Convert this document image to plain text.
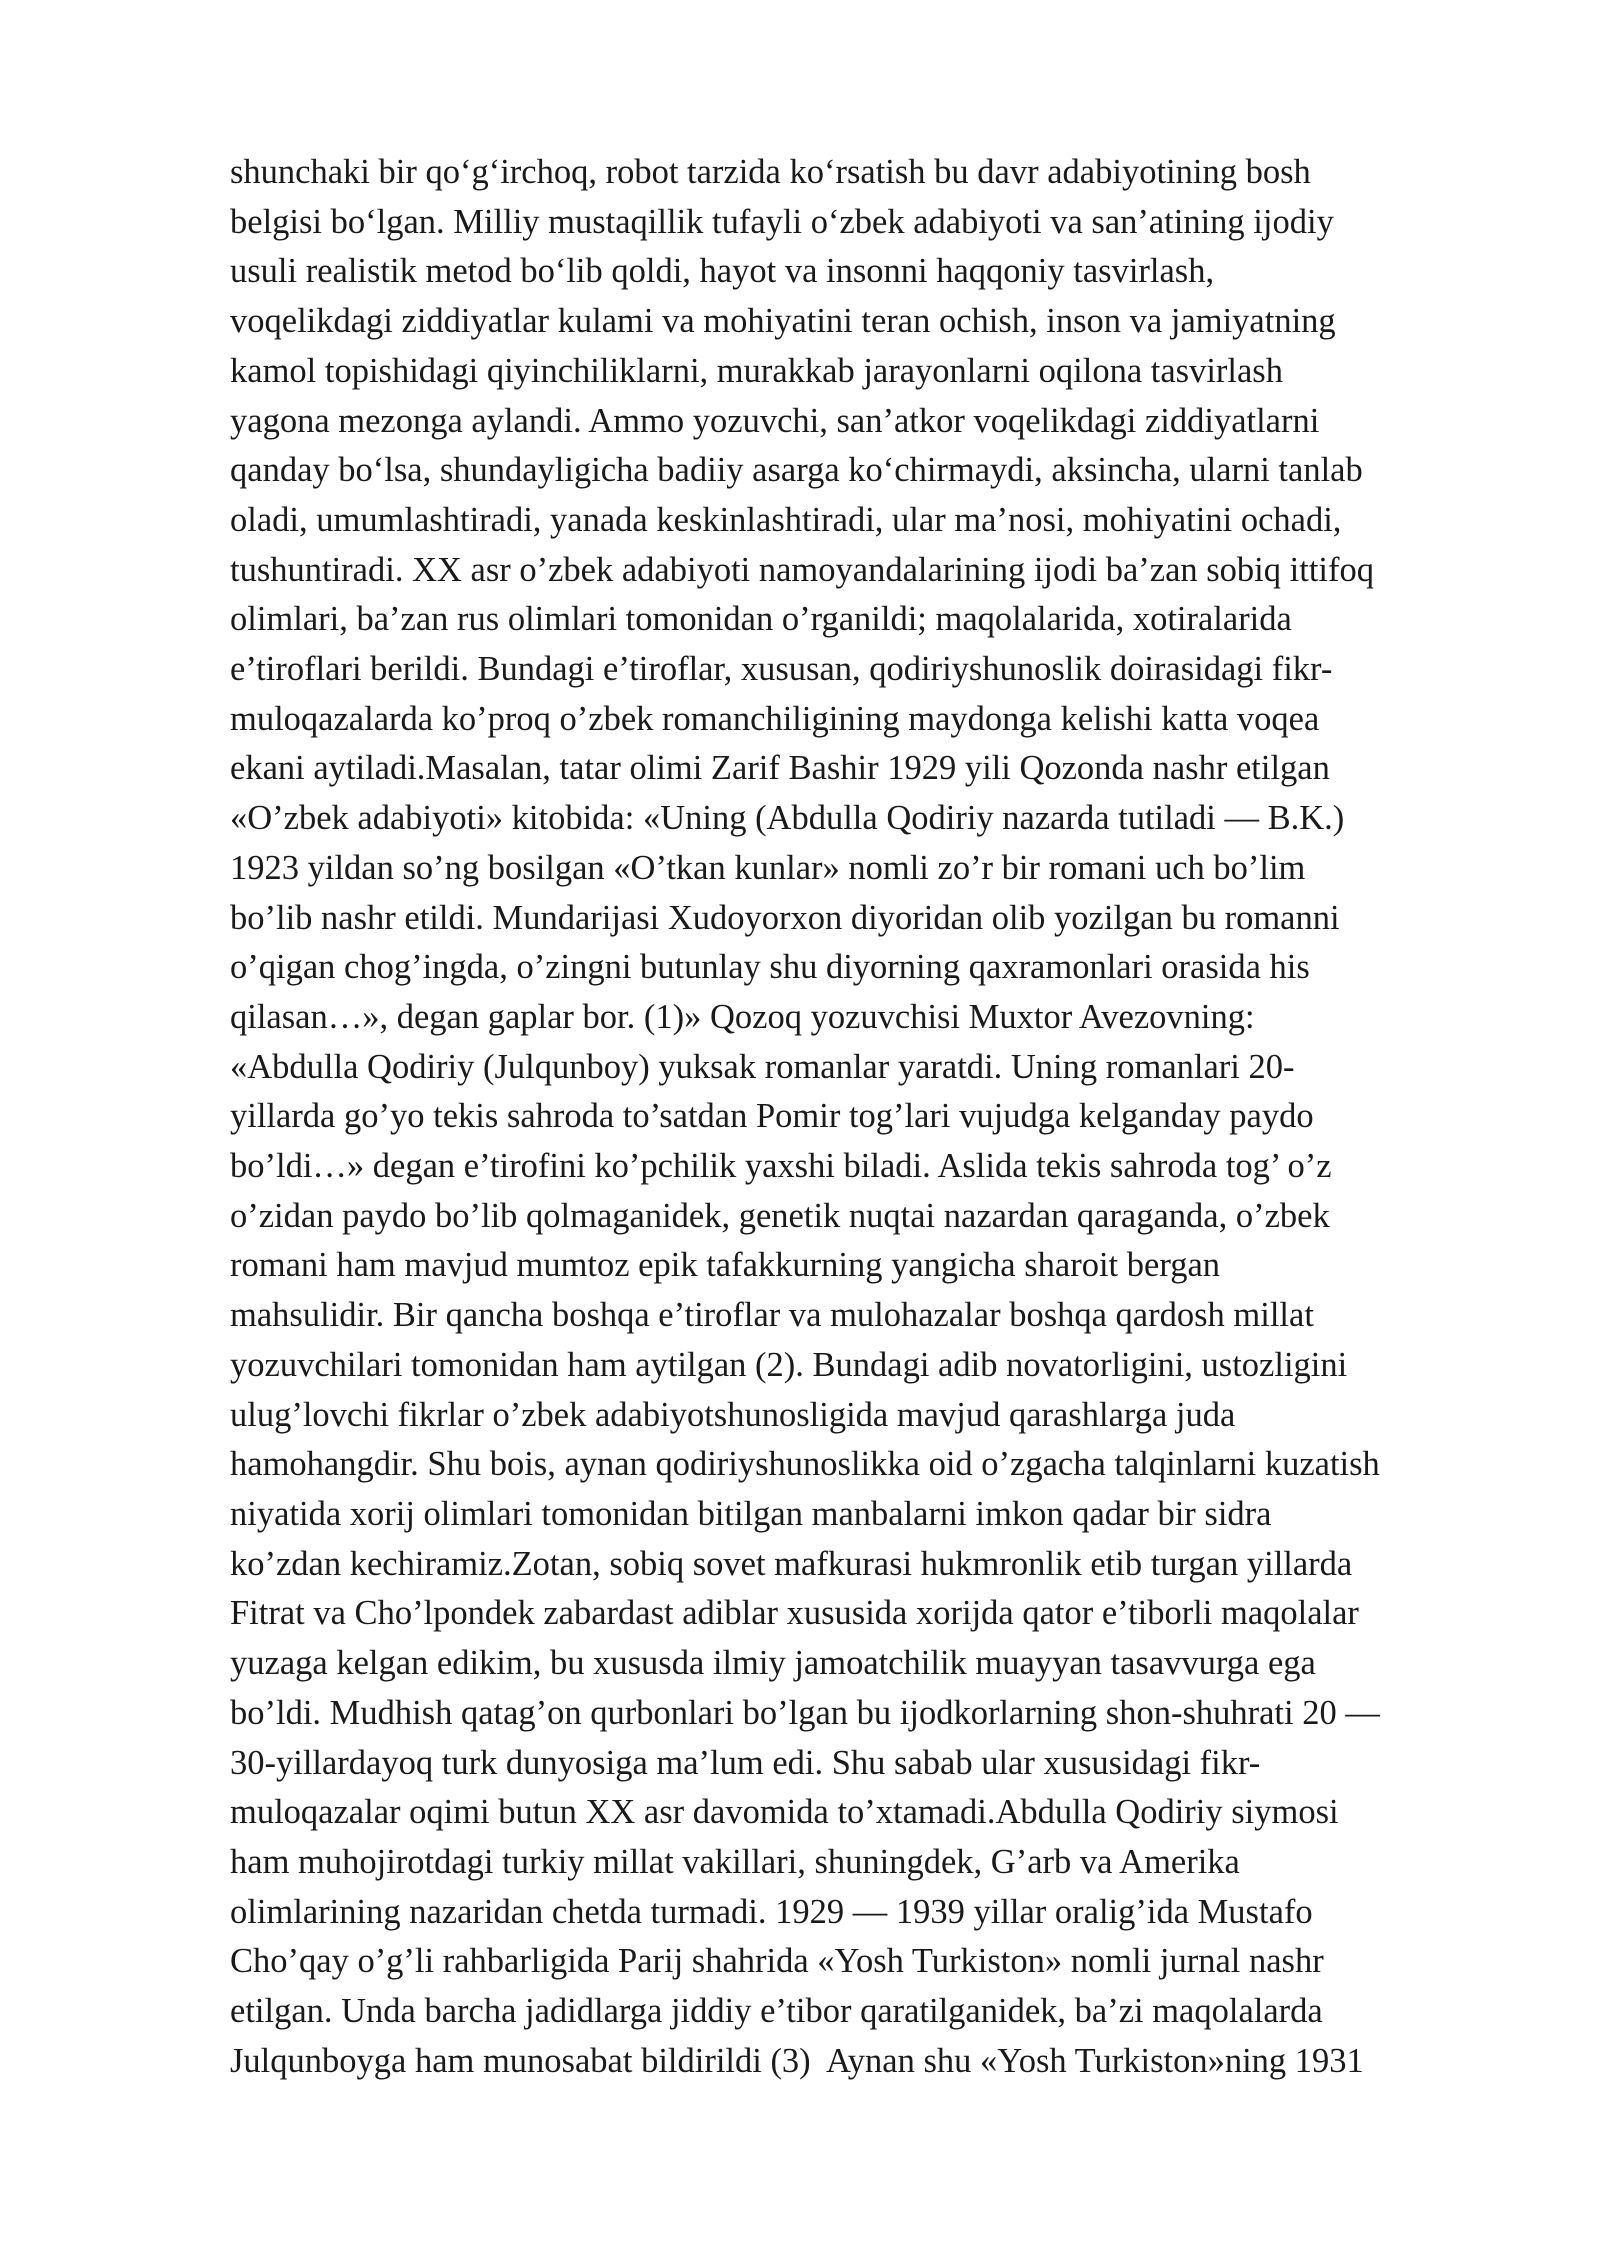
shunchaki bir qo‘g‘irchoq, robot tarzida ko‘rsatish bu davr adabiyotining bosh
belgisi bo‘lgan. Milliy mustaqillik tufayli o‘zbek adabiyoti va san’atining ijodiy
usuli realistik metod bo‘lib qoldi, hayot va insonni haqqoniy tasvirlash,
voqelikdagi ziddiyatlar kulami va mohiyatini teran ochish, inson va jamiyatning
kamol topishidagi qiyinchiliklarni, murakkab jarayonlarni oqilona tasvirlash
yagona mezonga aylandi. Ammo yozuvchi, san’atkor voqelikdagi ziddiyatlarni
qanday bo‘lsa, shundayligicha badiiy asarga ko‘chirmaydi, aksincha, ularni tanlab
oladi, umumlashtiradi, yanada keskinlashtiradi, ular ma’nosi, mohiyatini ochadi,
tushuntiradi. XX asr o’zbek adabiyoti namoyandalarining ijodi ba’zan sobiq ittifoq
olimlari, ba’zan rus olimlari tomonidan o’rganildi; maqolalarida, xotiralarida
e’tiroflari berildi. Bundagi e’tiroflar, xususan, qodiriyshunoslik doirasidagi fikr-
muloqazalarda ko’proq o’zbek romanchiligining maydonga kelishi katta voqea
ekani aytiladi.Masalan, tatar olimi Zarif Bashir 1929 yili Qozonda nashr etilgan
«O’zbek adabiyoti» kitobida: «Uning (Abdulla Qodiriy nazarda tutiladi — B.K.)
1923 yildan so’ng bosilgan «O’tkan kunlar» nomli zo’r bir romani uch bo’lim
bo’lib nashr etildi. Mundarijasi Xudoyorxon diyoridan olib yozilgan bu romanni
o’qigan chog’ingda, o’zingni butunlay shu diyorning qaxramonlari orasida his
qilasan…», degan gaplar bor. (1)» Qozoq yozuvchisi Muxtor Avezovning:
«Abdulla Qodiriy (Julqunboy) yuksak romanlar yaratdi. Uning romanlari 20-
yillarda go’yo tekis sahroda to’satdan Pomir tog’lari vujudga kelganday paydo
bo’ldi…» degan e’tirofini ko’pchilik yaxshi biladi. Aslida tekis sahroda tog’ o’z
o’zidan paydo bo’lib qolmaganidek, genetik nuqtai nazardan qaraganda, o’zbek
romani ham mavjud mumtoz epik tafakkurning yangicha sharoit bergan
mahsulidir. Bir qancha boshqa e’tiroflar va mulohazalar boshqa qardosh millat
yozuvchilari tomonidan ham aytilgan (2). Bundagi adib novatorligini, ustozligini
ulug’lovchi fikrlar o’zbek adabiyotshunosligida mavjud qarashlarga juda
hamohangdir. Shu bois, aynan qodiriyshunoslikka oid o’zgacha talqinlarni kuzatish
niyatida xorij olimlari tomonidan bitilgan manbalarni imkon qadar bir sidra
ko’zdan kechiramiz.Zotan, sobiq sovet mafkurasi hukmronlik etib turgan yillarda
Fitrat va Cho’lpondek zabardast adiblar xususida xorijda qator e’tiborli maqolalar
yuzaga kelgan edikim, bu xususda ilmiy jamoatchilik muayyan tasavvurga ega
bo’ldi. Mudhish qatag’on qurbonlari bo’lgan bu ijodkorlarning shon-shuhrati 20 —
30-yillardayoq turk dunyosiga ma’lum edi. Shu sabab ular xususidagi fikr-
muloqazalar oqimi butun XX asr davomida to’xtamadi.Abdulla Qodiriy siymosi
ham muhojirotdagi turkiy millat vakillari, shuningdek, G’arb va Amerika
olimlarining nazaridan chetda turmadi. 1929 — 1939 yillar oralig’ida Mustafo
Cho’qay o’g’li rahbarligida Parij shahrida «Yosh Turkiston» nomli jurnal nashr
etilgan. Unda barcha jadidlarga jiddiy e’tibor qaratilganidek, ba’zi maqolalarda
Julqunboyga ham munosabat bildirildi (3)  Aynan shu «Yosh Turkiston»ning 1931
